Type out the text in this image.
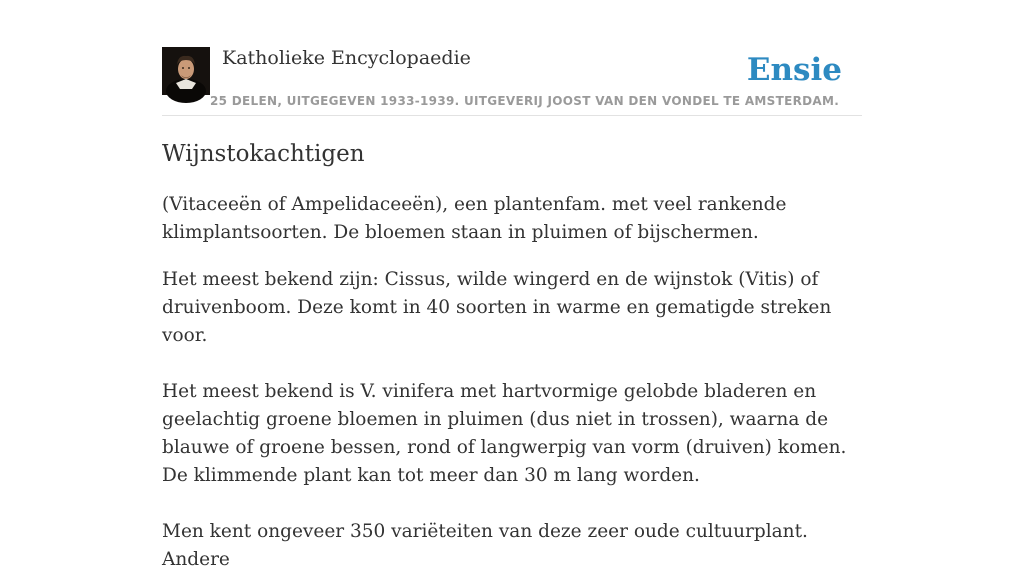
Katholieke Encyclopaedie
25 DELEN, UITGEGEVEN 1933-1939. UITGEVERIJ JOOST VAN DEN VONDEL TE AMSTERDAM.
Ensie
Wijnstokachtigen

(Vitaceeën of Ampelidaceeën), een plantenfam. met veel rankende klimplantsoorten. De bloemen staan in pluimen of bijschermen.

Het meest bekend zijn: Cissus, wilde wingerd en de wijnstok (Vitis) of druivenboom. Deze komt in 40 soorten in warme en gematigde streken voor.

Het meest bekend is V. vinifera met hartvormige gelobde bladeren en geelachtig groene bloemen in pluimen (dus niet in trossen), waarna de blauwe of groene bessen, rond of langwerpig van vorm (druiven) komen. De klimmende plant kan tot meer dan 30 m lang worden.

Men kent ongeveer 350 variëteiten van deze zeer oude cultuurplant. Andere
